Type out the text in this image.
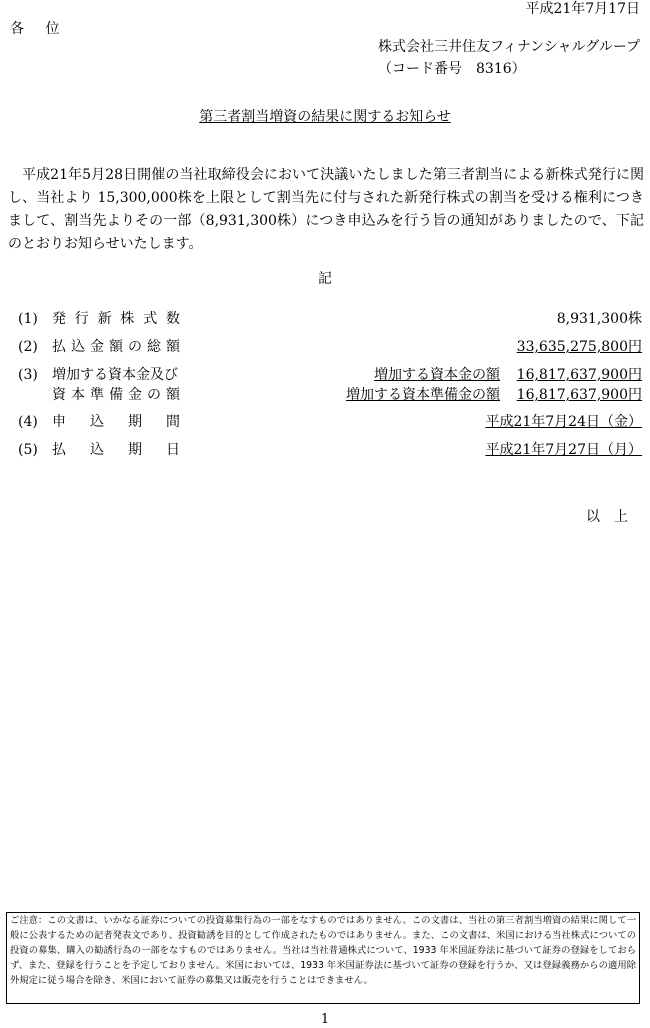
平成21年7月17日
各　 位
株式会社三井住友フィナンシャルグループ
（コード番号　8316）
第三者割当増資の結果に関するお知らせ

平成21年5月28日開催の当社取締役会において決議いたしました第三者割当による新株式発行に関し、当社より 15,300,000株を上限として割当先に付与された新発行株式の割当を受ける権利につきまして、割当先よりその一部（8,931,300株）につき申込みを行う旨の通知がありましたので、下記のとおりお知らせいたします。

記
(1) 発行新株式数	8,931,300株
(2) 払込金額の総額	33,635,275,800円
(3) 増加する資本金及び	増加する資本金の額 16,817,637,900円
資本準備金の額	増加する資本準備金の額 16,817,637,900円
(4) 申込期間	平成21年7月24日（金）
(5) 払込期日	平成21年7月27日（月）
以上
ご注意：この文書は、いかなる証券についての投資募集行為の一部をなすものではありません。この文書は、当社の第三者割当増資の結果に関して一般に公表するための記者発表文であり、投資勧誘を目的として作成されたものではありません。また、この文書は、米国における当社株式についての投資の募集、購入の勧誘行為の一部をなすものではありません。当社は当社普通株式について、1933 年米国証券法に基づいて証券の登録をしておらず、また、登録を行うことを予定しておりません。米国においては、1933 年米国証券法に基づいて証券の登録を行うか、又は登録義務からの適用除外規定に従う場合を除き、米国において証券の募集又は販売を行うことはできません。
1
